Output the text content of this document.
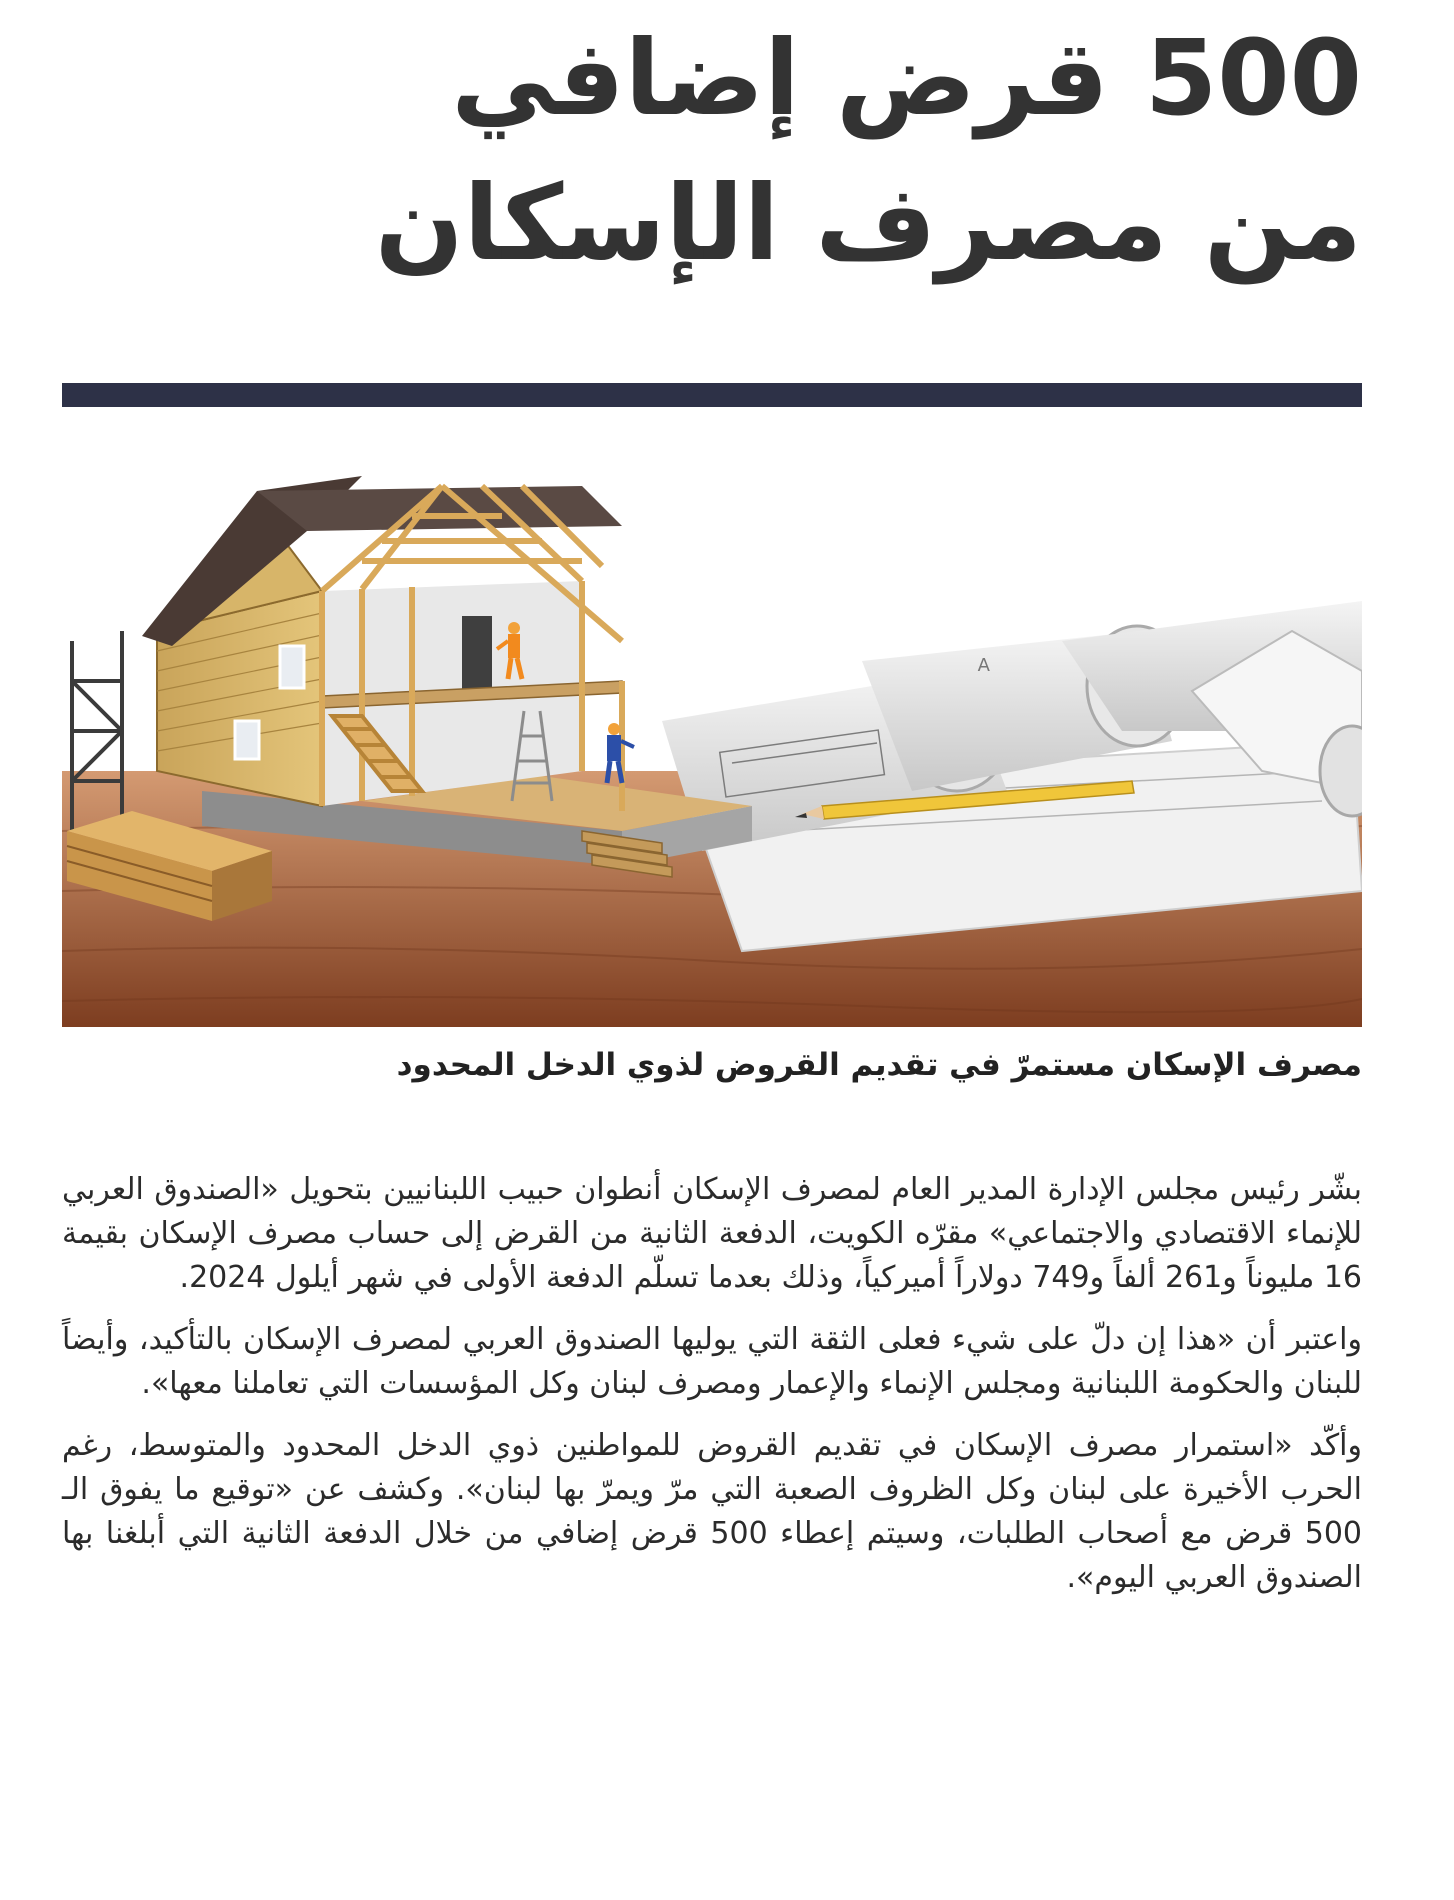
500 قرض إضافي
من مصرف الإسكان
A

مصرف الإسكان مستمرّ في تقديم القروض لذوي الدخل المحدود

بشّر رئيس مجلس الإدارة المدير العام لمصرف الإسكان أنطوان حبيب اللبنانيين بتحويل «الصندوق العربي للإنماء الاقتصادي والاجتماعي» مقرّه الكويت، الدفعة الثانية من القرض إلى حساب مصرف الإسكان بقيمة 16 مليوناً و261 ألفاً و749 دولاراً أميركياً، وذلك بعدما تسلّم الدفعة الأولى في شهر أيلول 2024.

واعتبر أن «هذا إن دلّ على شيء فعلى الثقة التي يوليها الصندوق العربي لمصرف الإسكان بالتأكيد، وأيضاً للبنان والحكومة اللبنانية ومجلس الإنماء والإعمار ومصرف لبنان وكل المؤسسات التي تعاملنا معها».

وأكّد «استمرار مصرف الإسكان في تقديم القروض للمواطنين ذوي الدخل المحدود والمتوسط، رغم الحرب الأخيرة على لبنان وكل الظروف الصعبة التي مرّ ويمرّ بها لبنان». وكشف عن «توقيع ما يفوق الـ 500 قرض مع أصحاب الطلبات، وسيتم إعطاء 500 قرض إضافي من خلال الدفعة الثانية التي أبلغنا بها الصندوق العربي اليوم».
